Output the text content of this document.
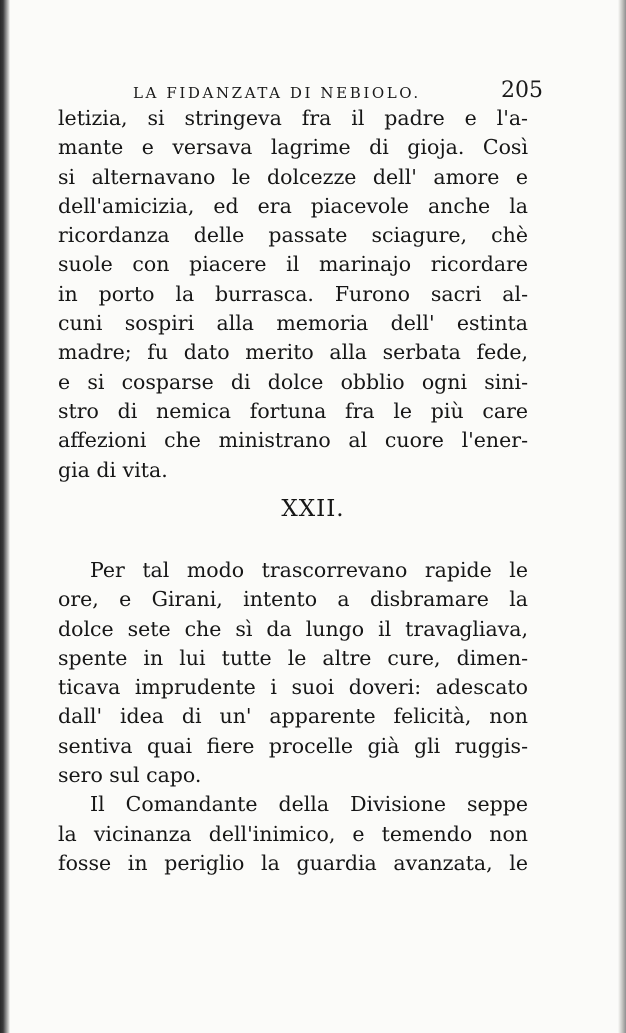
LA FIDANZATA DI NEBIOLO.	205
letizia, si stringeva fra il padre e l'a-
mante e versava lagrime di gioja. Così
si alternavano le dolcezze dell' amore e
dell'amicizia, ed era piacevole anche la
ricordanza delle passate sciagure, chè
suole con piacere il marinajo ricordare
in porto la burrasca. Furono sacri al-
cuni sospiri alla memoria dell' estinta
madre; fu dato merito alla serbata fede,
e si cosparse di dolce obblio ogni sini-
stro di nemica fortuna fra le più care
affezioni che ministrano al cuore l'ener-
gia di vita.
XXII.
Per tal modo trascorrevano rapide le
ore, e Girani, intento a disbramare la
dolce sete che sì da lungo il travagliava,
spente in lui tutte le altre cure, dimen-
ticava imprudente i suoi doveri: adescato
dall' idea di un' apparente felicità, non
sentiva quai fiere procelle già gli ruggis-
sero sul capo.
Il Comandante della Divisione seppe
la vicinanza dell'inimico, e temendo non
fosse in periglio la guardia avanzata, le
